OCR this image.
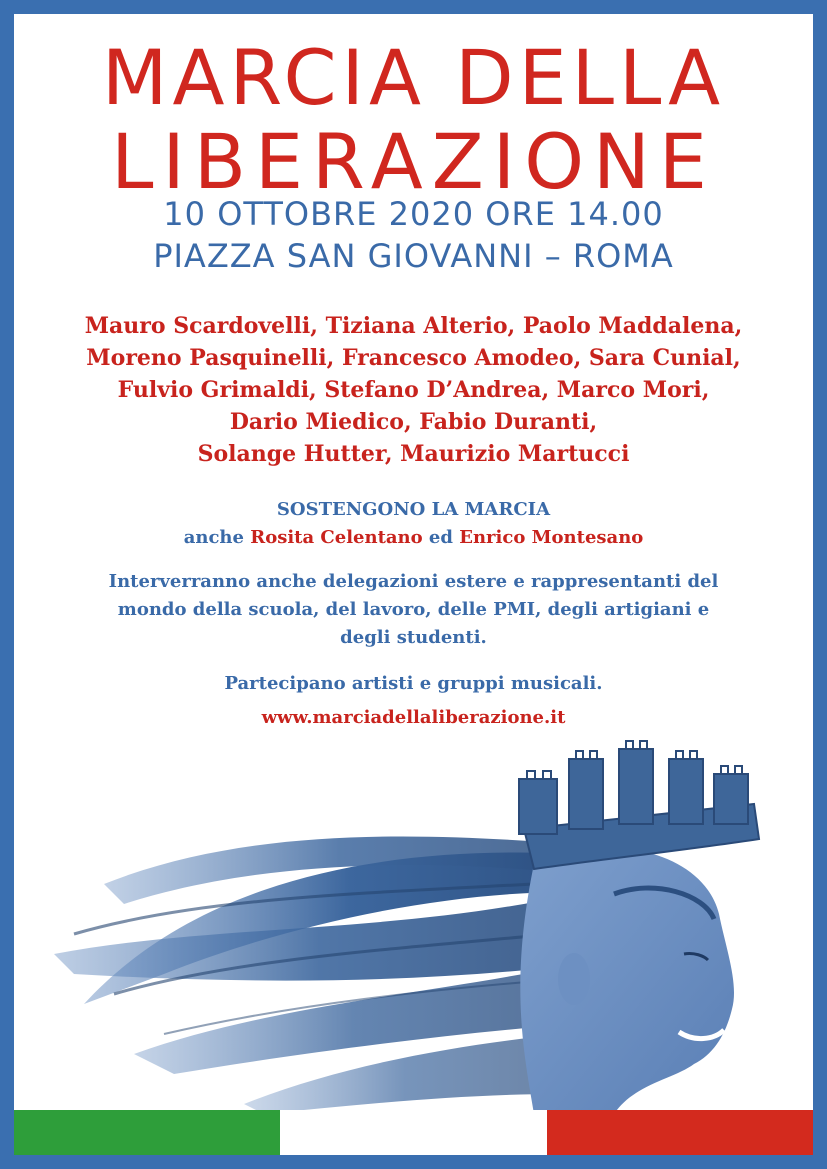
MARCIA DELLA
LIBERAZIONE
10 OTTOBRE 2020 ORE 14.00
PIAZZA SAN GIOVANNI – ROMA
Mauro Scardovelli, Tiziana Alterio, Paolo Maddalena,
Moreno Pasquinelli, Francesco Amodeo, Sara Cunial,
Fulvio Grimaldi, Stefano D’Andrea, Marco Mori,
Dario Miedico, Fabio Duranti,
Solange Hutter, Maurizio Martucci
SOSTENGONO LA MARCIA
anche Rosita Celentano ed Enrico Montesano
Interverranno anche delegazioni estere e rappresentanti del
mondo della scuola, del lavoro, delle PMI, degli artigiani e
degli studenti.
Partecipano artisti e gruppi musicali.
www.marciadellaliberazione.it
